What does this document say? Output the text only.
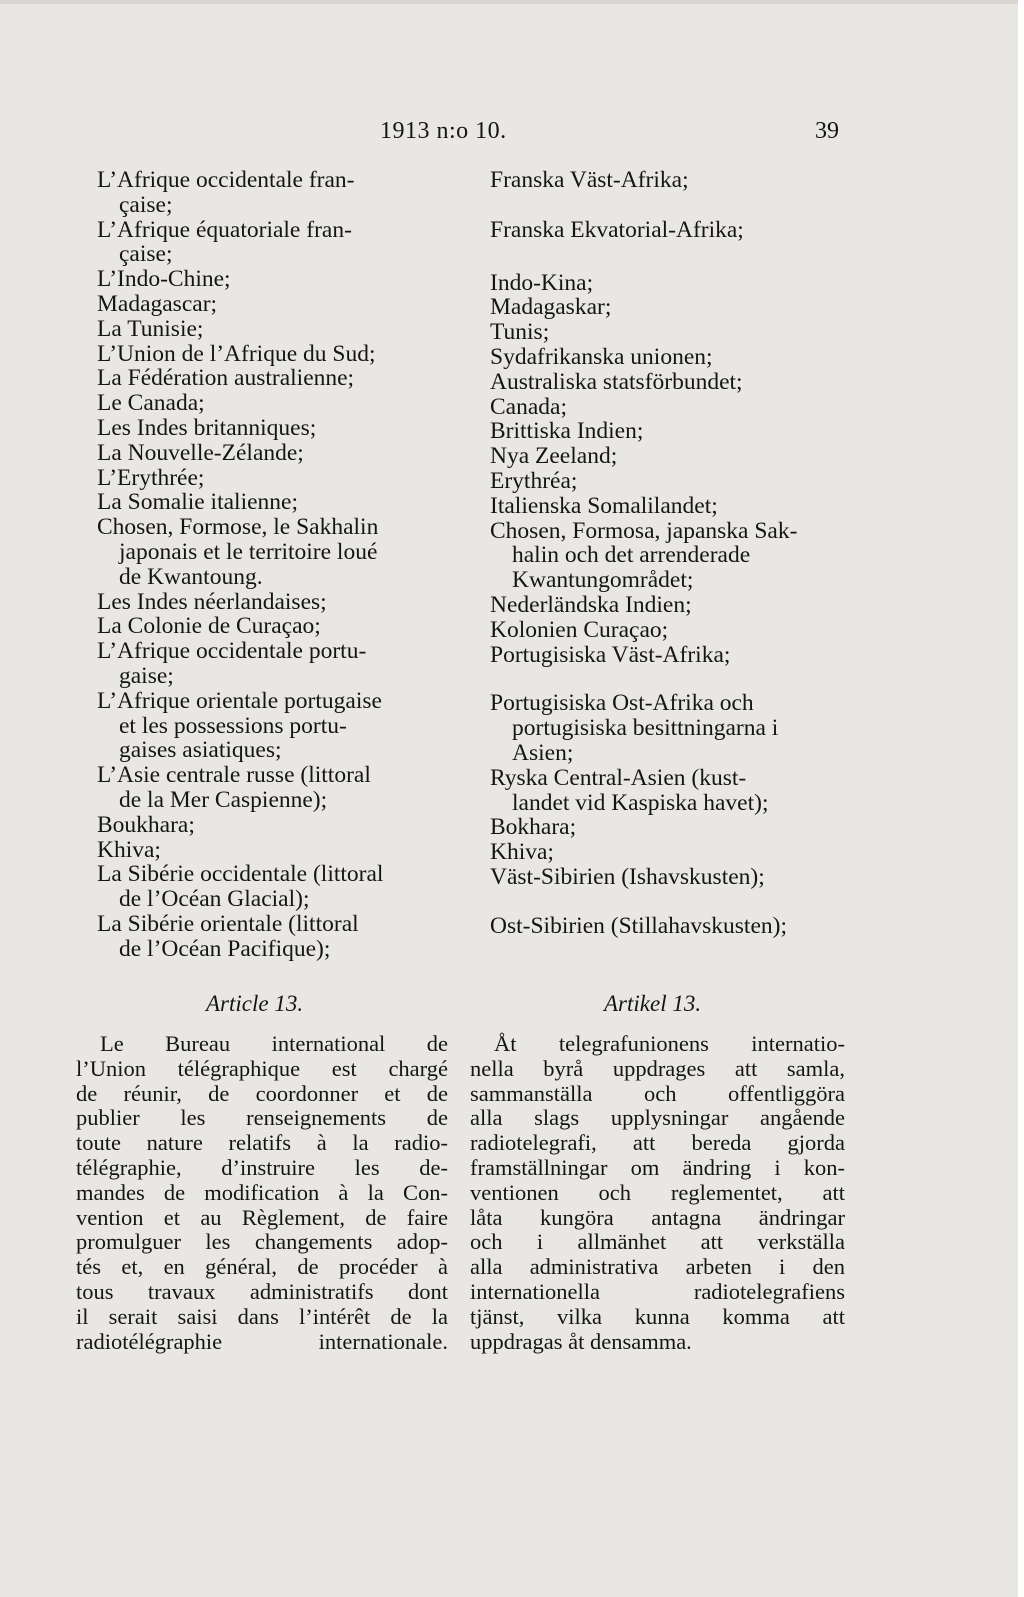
1913 n:o 10.	39
L’Afrique occidentale fran-
çaise;
L’Afrique équatoriale fran-
çaise;
L’Indo-Chine;
Madagascar;
La Tunisie;
L’Union de l’Afrique du Sud;
La Fédération australienne;
Le Canada;
Les Indes britanniques;
La Nouvelle-Zélande;
L’Erythrée;
La Somalie italienne;
Chosen, Formose, le Sakhalin
japonais et le territoire loué
de Kwantoung.
Les Indes néerlandaises;
La Colonie de Curaçao;
L’Afrique occidentale portu-
gaise;
L’Afrique orientale portugaise
et les possessions portu-
gaises asiatiques;
L’Asie centrale russe (littoral
de la Mer Caspienne);
Boukhara;
Khiva;
La Sibérie occidentale (littoral
de l’Océan Glacial);
La Sibérie orientale (littoral
de l’Océan Pacifique);
Franska Väst-Afrika;
Franska Ekvatorial-Afrika;
Indo-Kina;
Madagaskar;
Tunis;
Sydafrikanska unionen;
Australiska statsförbundet;
Canada;
Brittiska Indien;
Nya Zeeland;
Erythréa;
Italienska Somalilandet;
Chosen, Formosa, japanska Sak-
halin och det arrenderade
Kwantungområdet;
Nederländska Indien;
Kolonien Curaçao;
Portugisiska Väst-Afrika;
Portugisiska Ost-Afrika och
portugisiska besittningarna i
Asien;
Ryska Central-Asien (kust-
landet vid Kaspiska havet);
Bokhara;
Khiva;
Väst-Sibirien (Ishavskusten);
Ost-Sibirien (Stillahavskusten);
Article 13.	Artikel 13.
Le Bureau international de
l’Union télégraphique est chargé
de réunir, de coordonner et de
publier les renseignements de
toute nature relatifs à la radio-
télégraphie, d’instruire les de-
mandes de modification à la Con-
vention et au Règlement, de faire
promulguer les changements adop-
tés et, en général, de procéder à
tous travaux administratifs dont
il serait saisi dans l’intérêt de la
radiotélégraphie internationale.
Åt telegrafunionens internatio-
nella byrå uppdrages att samla,
sammanställa och offentliggöra
alla slags upplysningar angående
radiotelegrafi, att bereda gjorda
framställningar om ändring i kon-
ventionen och reglementet, att
låta kungöra antagna ändringar
och i allmänhet att verkställa
alla administrativa arbeten i den
internationella radiotelegrafiens
tjänst, vilka kunna komma att
uppdragas åt densamma.
